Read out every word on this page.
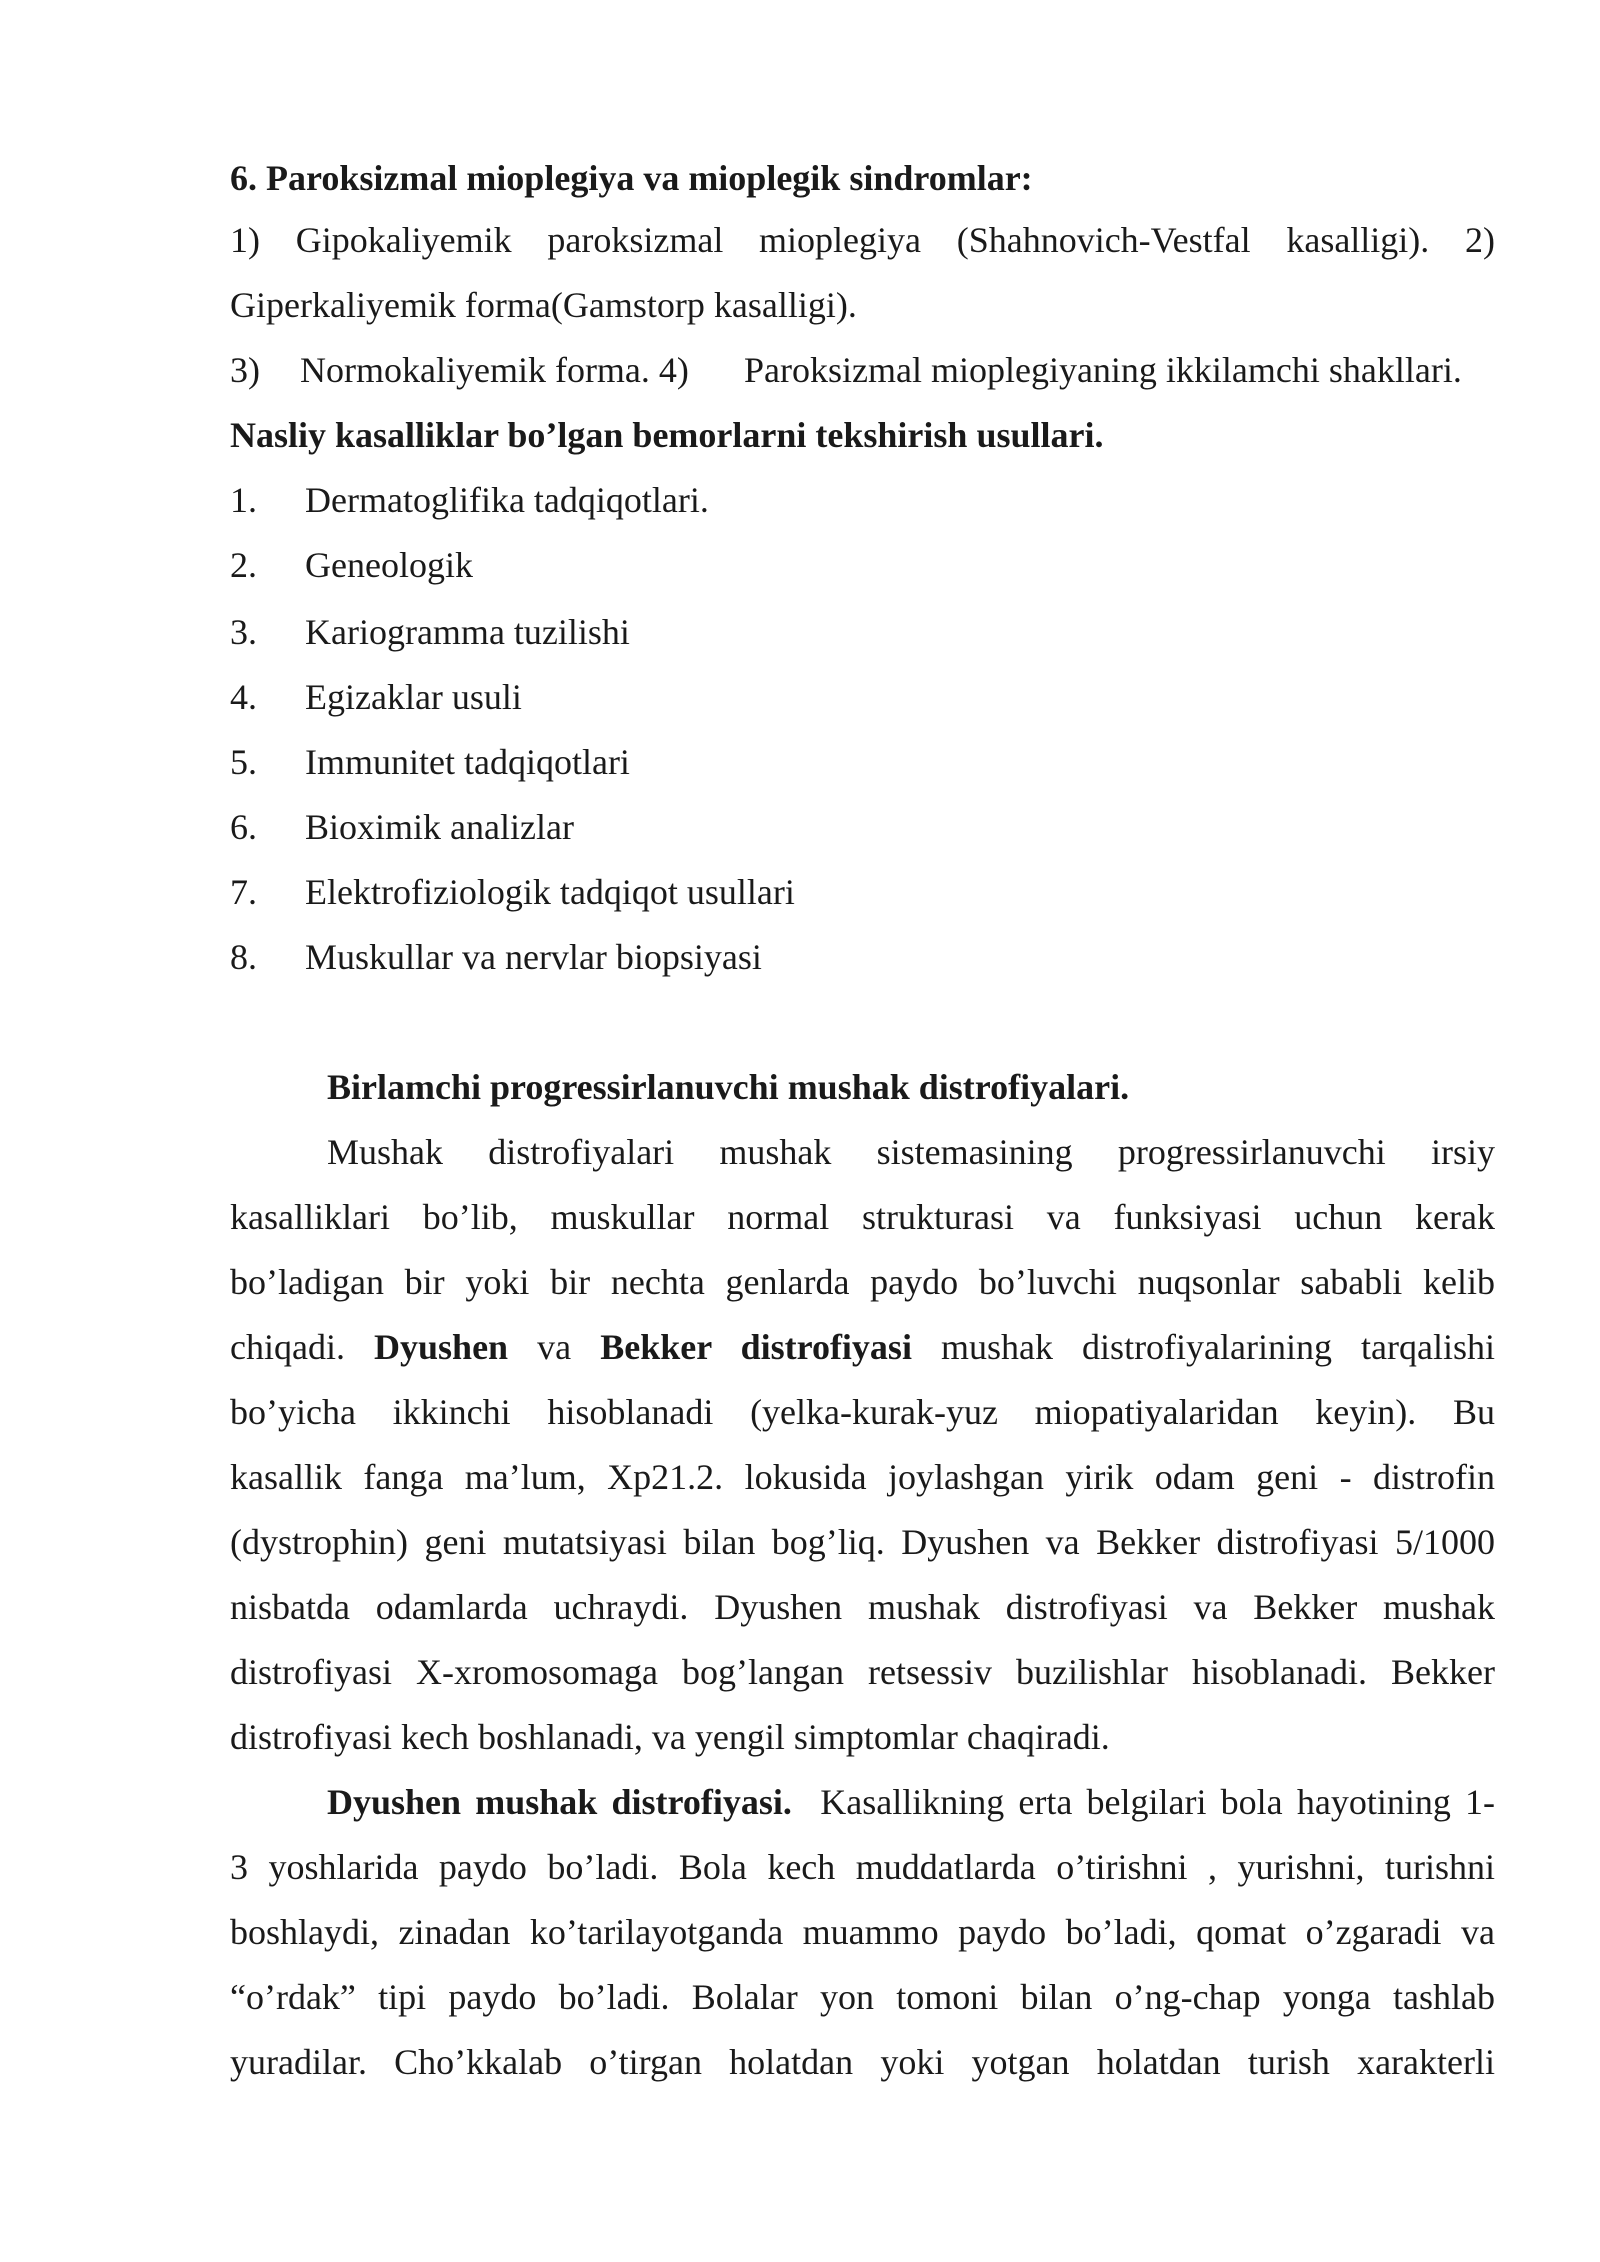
6. Paroksizmal mioplegiya va mioplegik sindromlar:
1) Gipokaliyemik paroksizmal mioplegiya (Shahnovich-Vestfal kasalligi). 2)
Giperkaliyemik forma(Gamstorp kasalligi).
3) Normokaliyemik forma. 4) Paroksizmal mioplegiyaning ikkilamchi shakllari.
Nasliy kasalliklar bo’lgan bemorlarni tekshirish usullari.
1. Dermatoglifika tadqiqotlari.
2. Geneologik
3. Kariogramma tuzilishi
4. Egizaklar usuli
5. Immunitet tadqiqotlari
6. Bioximik analizlar
7. Elektrofiziologik tadqiqot usullari
8. Muskullar va nervlar biopsiyasi
Birlamchi progressirlanuvchi mushak distrofiyalari.
Mushak distrofiyalari mushak sistemasining progressirlanuvchi irsiy
kasalliklari bo’lib, muskullar normal strukturasi va funksiyasi uchun kerak
bo’ladigan bir yoki bir nechta genlarda paydo bo’luvchi nuqsonlar sababli kelib
chiqadi. Dyushen va Bekker distrofiyasi mushak distrofiyalarining tarqalishi
bo’yicha ikkinchi hisoblanadi (yelka-kurak-yuz miopatiyalaridan keyin). Bu
kasallik fanga ma’lum, Xp21.2. lokusida joylashgan yirik odam geni - distrofin
(dystrophin) geni mutatsiyasi bilan bog’liq. Dyushen va Bekker distrofiyasi 5/1000
nisbatda odamlarda uchraydi. Dyushen mushak distrofiyasi va Bekker mushak
distrofiyasi X-xromosomaga bog’langan retsessiv buzilishlar hisoblanadi. Bekker
distrofiyasi kech boshlanadi, va yengil simptomlar chaqiradi.
Dyushen mushak distrofiyasi. Kasallikning erta belgilari bola hayotining 1-
3 yoshlarida paydo bo’ladi. Bola kech muddatlarda o’tirishni , yurishni, turishni
boshlaydi, zinadan ko’tarilayotganda muammo paydo bo’ladi, qomat o’zgaradi va
“o’rdak” tipi paydo bo’ladi. Bolalar yon tomoni bilan o’ng-chap yonga tashlab
yuradilar. Cho’kkalab o’tirgan holatdan yoki yotgan holatdan turish xarakterli
